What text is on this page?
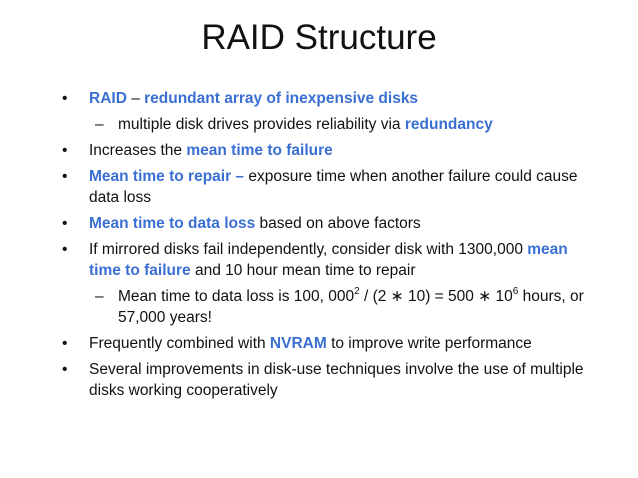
RAID Structure
• RAID – redundant array of inexpensive disks
– multiple disk drives provides reliability via redundancy
• Increases the mean time to failure
• Mean time to repair – exposure time when another failure could cause data loss
• Mean time to data loss based on above factors
• If mirrored disks fail independently, consider disk with 1300,000 mean time to failure and 10 hour mean time to repair
– Mean time to data loss is 100, $000^2 / (2$ ∗ 10) = 500 ∗ $10^6$ hours, or 57,000 years!
• Frequently combined with NVRAM to improve write performance
• Several improvements in disk-use techniques involve the use of multiple disks working cooperatively
